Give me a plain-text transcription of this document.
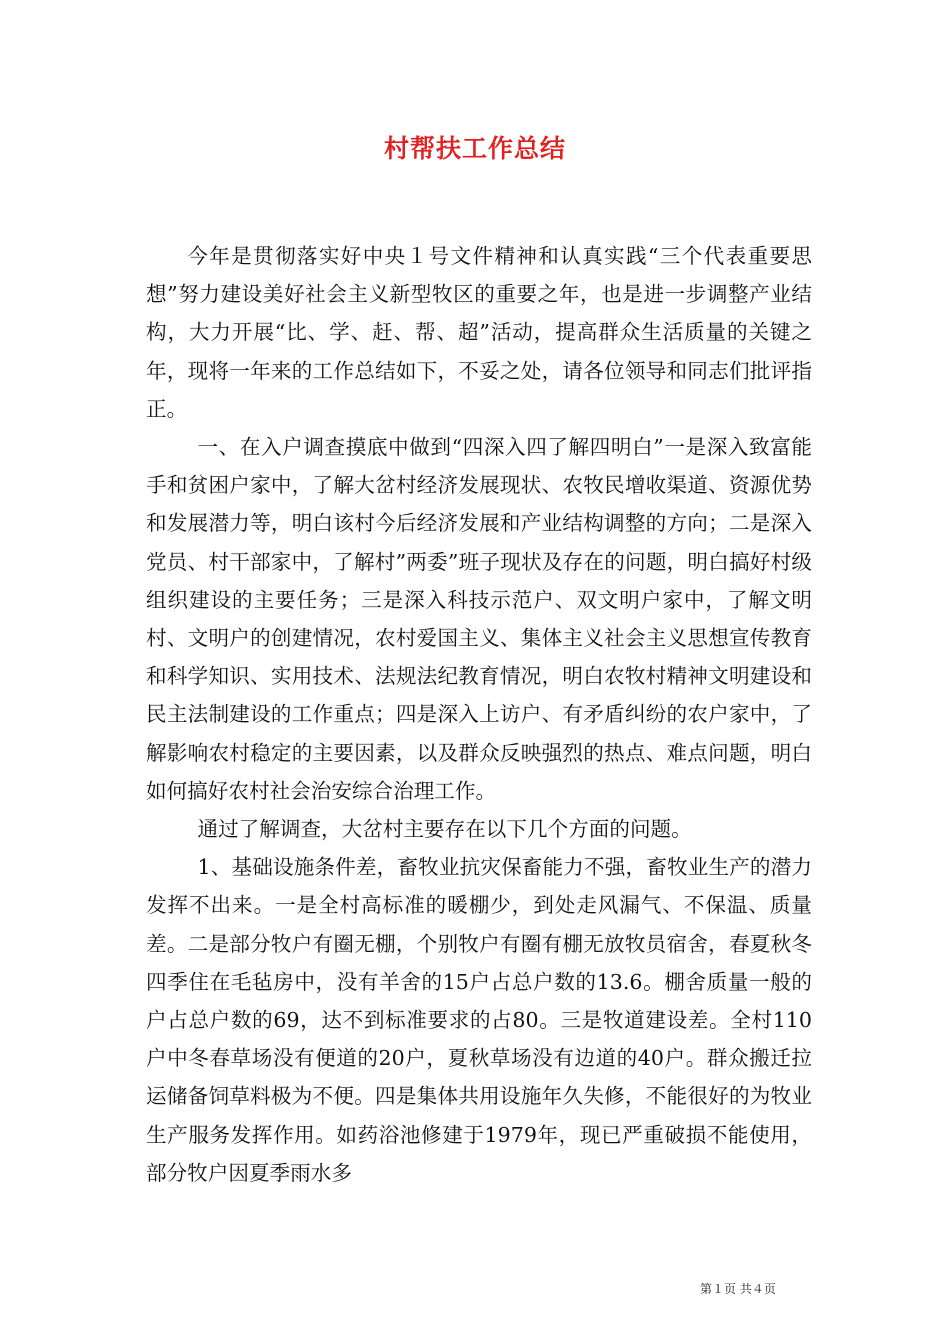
村帮扶工作总结

今年是贯彻落实好中央１号文件精神和认真实践“三个代表重要思想”努力建设美好社会主义新型牧区的重要之年，也是进一步调整产业结构，大力开展“比、学、赶、帮、超”活动，提高群众生活质量的关键之年，现将一年来的工作总结如下，不妥之处，请各位领导和同志们批评指正。

一、在入户调查摸底中做到“四深入四了解四明白”一是深入致富能手和贫困户家中，了解大岔村经济发展现状、农牧民增收渠道、资源优势和发展潜力等，明白该村今后经济发展和产业结构调整的方向；二是深入党员、村干部家中，了解村”两委”班子现状及存在的问题，明白搞好村级组织建设的主要任务；三是深入科技示范户、双文明户家中，了解文明村、文明户的创建情况，农村爱国主义、集体主义社会主义思想宣传教育和科学知识、实用技术、法规法纪教育情况，明白农牧村精神文明建设和民主法制建设的工作重点；四是深入上访户、有矛盾纠纷的农户家中，了解影响农村稳定的主要因素，以及群众反映强烈的热点、难点问题，明白如何搞好农村社会治安综合治理工作。

通过了解调查，大岔村主要存在以下几个方面的问题。

1、基础设施条件差，畜牧业抗灾保畜能力不强，畜牧业生产的潜力发挥不出来。一是全村高标准的暖棚少，到处走风漏气、不保温、质量差。二是部分牧户有圈无棚，个别牧户有圈有棚无放牧员宿舍，春夏秋冬四季住在毛毡房中，没有羊舍的15户占总户数的13.6。棚舍质量一般的户占总户数的69，达不到标准要求的占80。三是牧道建设差。全村110户中冬春草场没有便道的20户，夏秋草场没有边道的40户。群众搬迁拉运储备饲草料极为不便。四是集体共用设施年久失修，不能很好的为牧业生产服务发挥作用。如药浴池修建于1979年，现已严重破损不能使用，部分牧户因夏季雨水多

第１页 共４页
